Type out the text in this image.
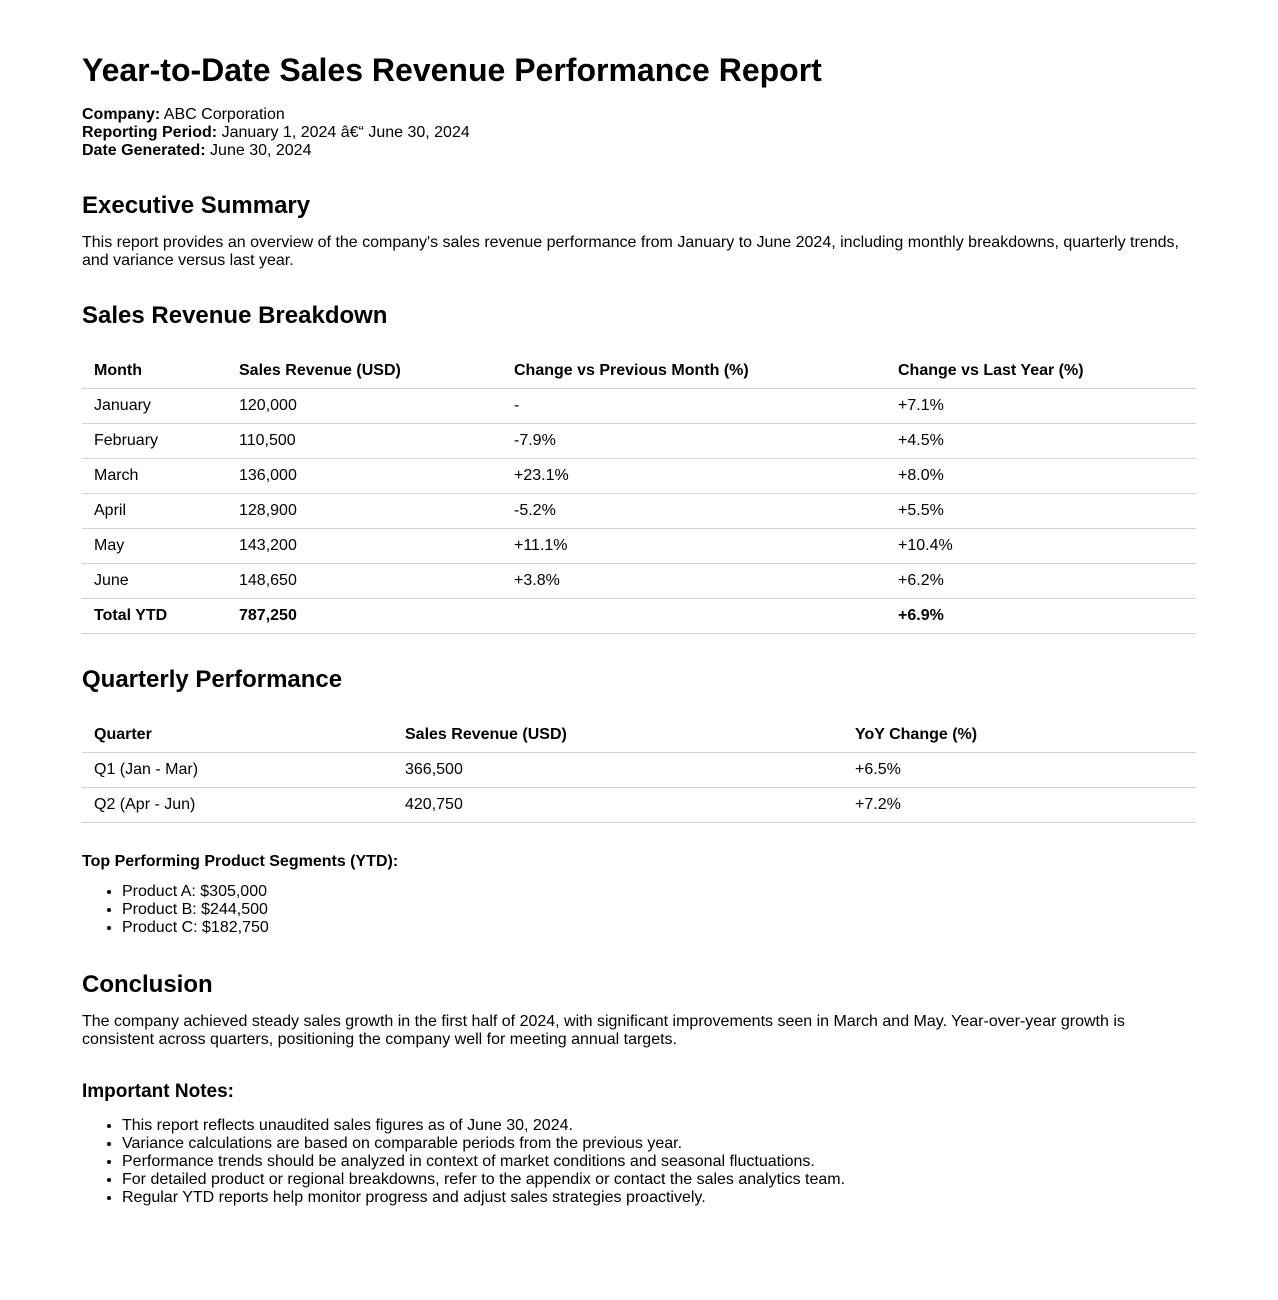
Year-to-Date Sales Revenue Performance Report
Company: ABC Corporation
Reporting Period: January 1, 2024 â€“ June 30, 2024
Date Generated: June 30, 2024
Executive Summary

This report provides an overview of the company's sales revenue performance from January to June 2024, including monthly breakdowns, quarterly trends, and variance versus last year.

Sales Revenue Breakdown
Month	Sales Revenue (USD)	Change vs Previous Month (%)	Change vs Last Year (%)
January	120,000	-	+7.1%
February	110,500	-7.9%	+4.5%
March	136,000	+23.1%	+8.0%
April	128,900	-5.2%	+5.5%
May	143,200	+11.1%	+10.4%
June	148,650	+3.8%	+6.2%
Total YTD	787,250		+6.9%
Quarterly Performance
Quarter	Sales Revenue (USD)	YoY Change (%)
Q1 (Jan - Mar)	366,500	+6.5%
Q2 (Apr - Jun)	420,750	+7.2%
Top Performing Product Segments (YTD):
• Product A: $305,000
• Product B: $244,500
• Product C: $182,750
Conclusion

The company achieved steady sales growth in the first half of 2024, with significant improvements seen in March and May. Year-over-year growth is consistent across quarters, positioning the company well for meeting annual targets.

Important Notes:
• This report reflects unaudited sales figures as of June 30, 2024.
• Variance calculations are based on comparable periods from the previous year.
• Performance trends should be analyzed in context of market conditions and seasonal fluctuations.
• For detailed product or regional breakdowns, refer to the appendix or contact the sales analytics team.
• Regular YTD reports help monitor progress and adjust sales strategies proactively.
